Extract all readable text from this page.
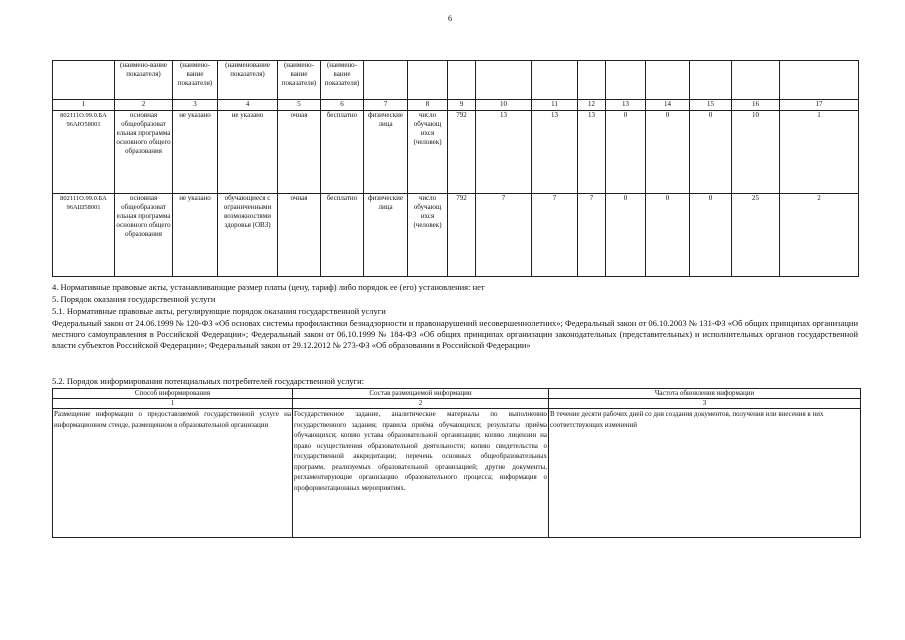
6
	(наимено-вание показателя)	(наимено-вание показателя)	(наименование показателя)	(наимено-вание показателя)	(наимено-вание показателя)											
1	2	3	4	5	6	7	8	9	10	11	12	13	14	15	16	17
802111О.99.0.БА 96АЮ58001	основная общеобразоват ельная программа основного общего образования	не указано	не указано	очная	бесплатно	физические лица	число обучающ ихся (человек)	792	13	13	13	0	0	0	10	1
802111О.99.0.БА 96АШ58001	основная общеобразоват ельная программа основного общего образования	не указано	обучающиеся с ограниченными возможностями здоровья (ОВЗ)	очная	бесплатно	физические лица	число обучающ ихся (человек)	792	7	7	7	0	0	0	25	2
4. Нормативные правовые акты, устанавливающие размер платы (цену, тариф) либо порядок ее (его) установления: нет
5. Порядок оказания государственной услуги
5.1. Нормативные правовые акты, регулирующие порядок оказания государственной услуги
Федеральный закон от 24.06.1999 № 120-ФЗ «Об основах системы профилактики безнадзорности и правонарушений несовершеннолетних»; Федеральный закон от 06.10.2003 № 131-ФЗ «Об общих принципах организации местного самоуправления в Российской Федерации»; Федеральный закон от 06.10.1999 № 184-ФЗ «Об общих принципах организации законодательных (представительных) и исполнительных органов государственной власти субъектов Российской Федерации»; Федеральный закон от 29.12.2012 № 273-ФЗ «Об образовании в Российской Федерации»
5.2. Порядок информирования потенциальных потребителей государственной услуги:
Способ информирования	Состав размещаемой информации	Частота обновления информации
1	2	3
Размещение информации о предоставляемой государственной услуге на информационном стенде, размещенном в образовательной организации	Государственное задание, аналитические материалы по выполнению государственного задания; правила приёма обучающихся; результаты приёма обучающихся; копию устава образовательной организации; копию лицензии на право осуществления образовательной деятельности; копию свидетельства о государственной аккредитации; перечень основных общеобразовательных программ, реализуемых образовательной организацией; другие документы, регламентирующие организацию образовательного процесса; информация о профориентационных мероприятиях.	В течение десяти рабочих дней со дня создания документов, получения или внесения в них соответствующих изменений
